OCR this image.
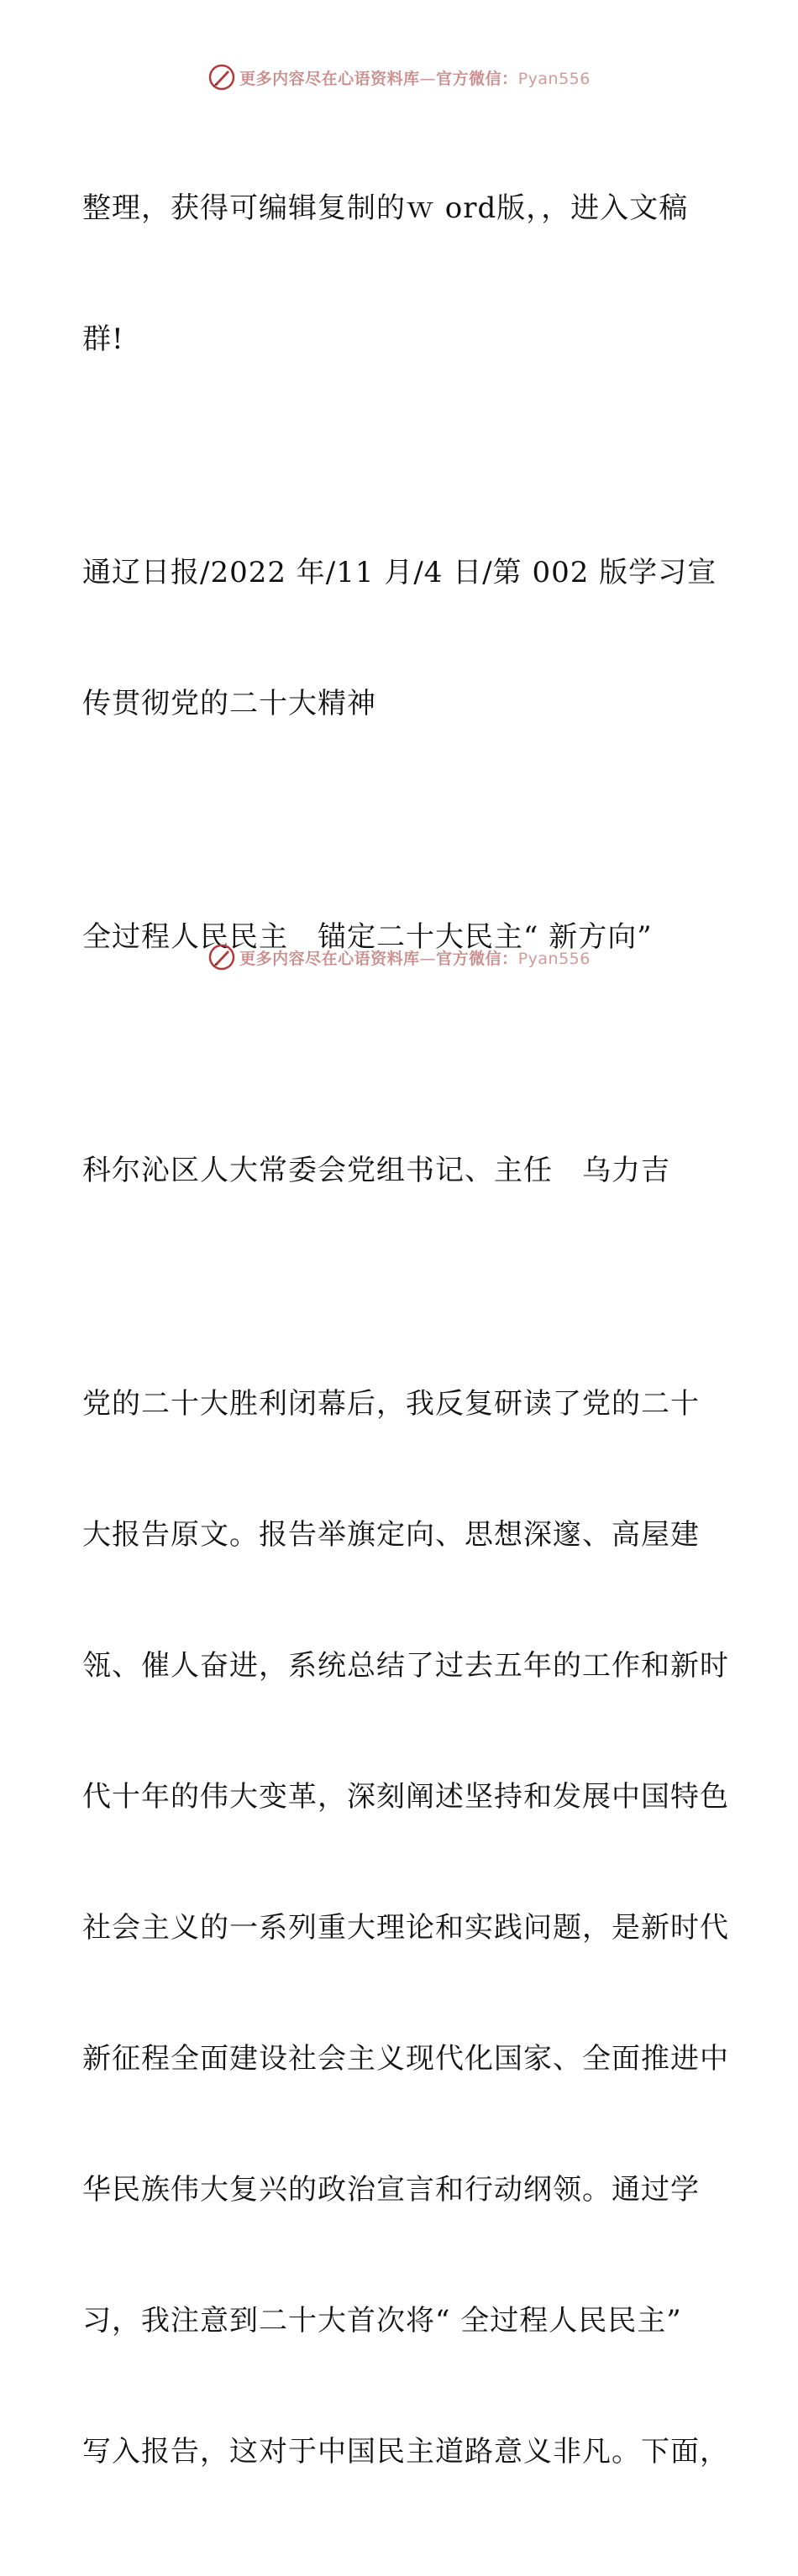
更多内容尽在心语资料库—官方微信：Pyan556

整理，获得可编辑复制的ｗ ord版，，进入文稿

群!

通辽日报/2022 年/11 月/4 日/第 002 版学习宣

传贯彻党的二十大精神

全过程人民民主　锚定二十大民主“ 新方向”

科尔沁区人大常委会党组书记、主任　乌力吉

党的二十大胜利闭幕后，我反复研读了党的二十

大报告原文。报告举旗定向、思想深邃、高屋建

瓴、催人奋进，系统总结了过去五年的工作和新时

代十年的伟大变革，深刻阐述坚持和发展中国特色

社会主义的一系列重大理论和实践问题，是新时代

新征程全面建设社会主义现代化国家、全面推进中

华民族伟大复兴的政治宣言和行动纲领。通过学

习，我注意到二十大首次将“ 全过程人民民主”

写入报告，这对于中国民主道路意义非凡。下面，

更多内容尽在心语资料库—官方微信：Pyan556
